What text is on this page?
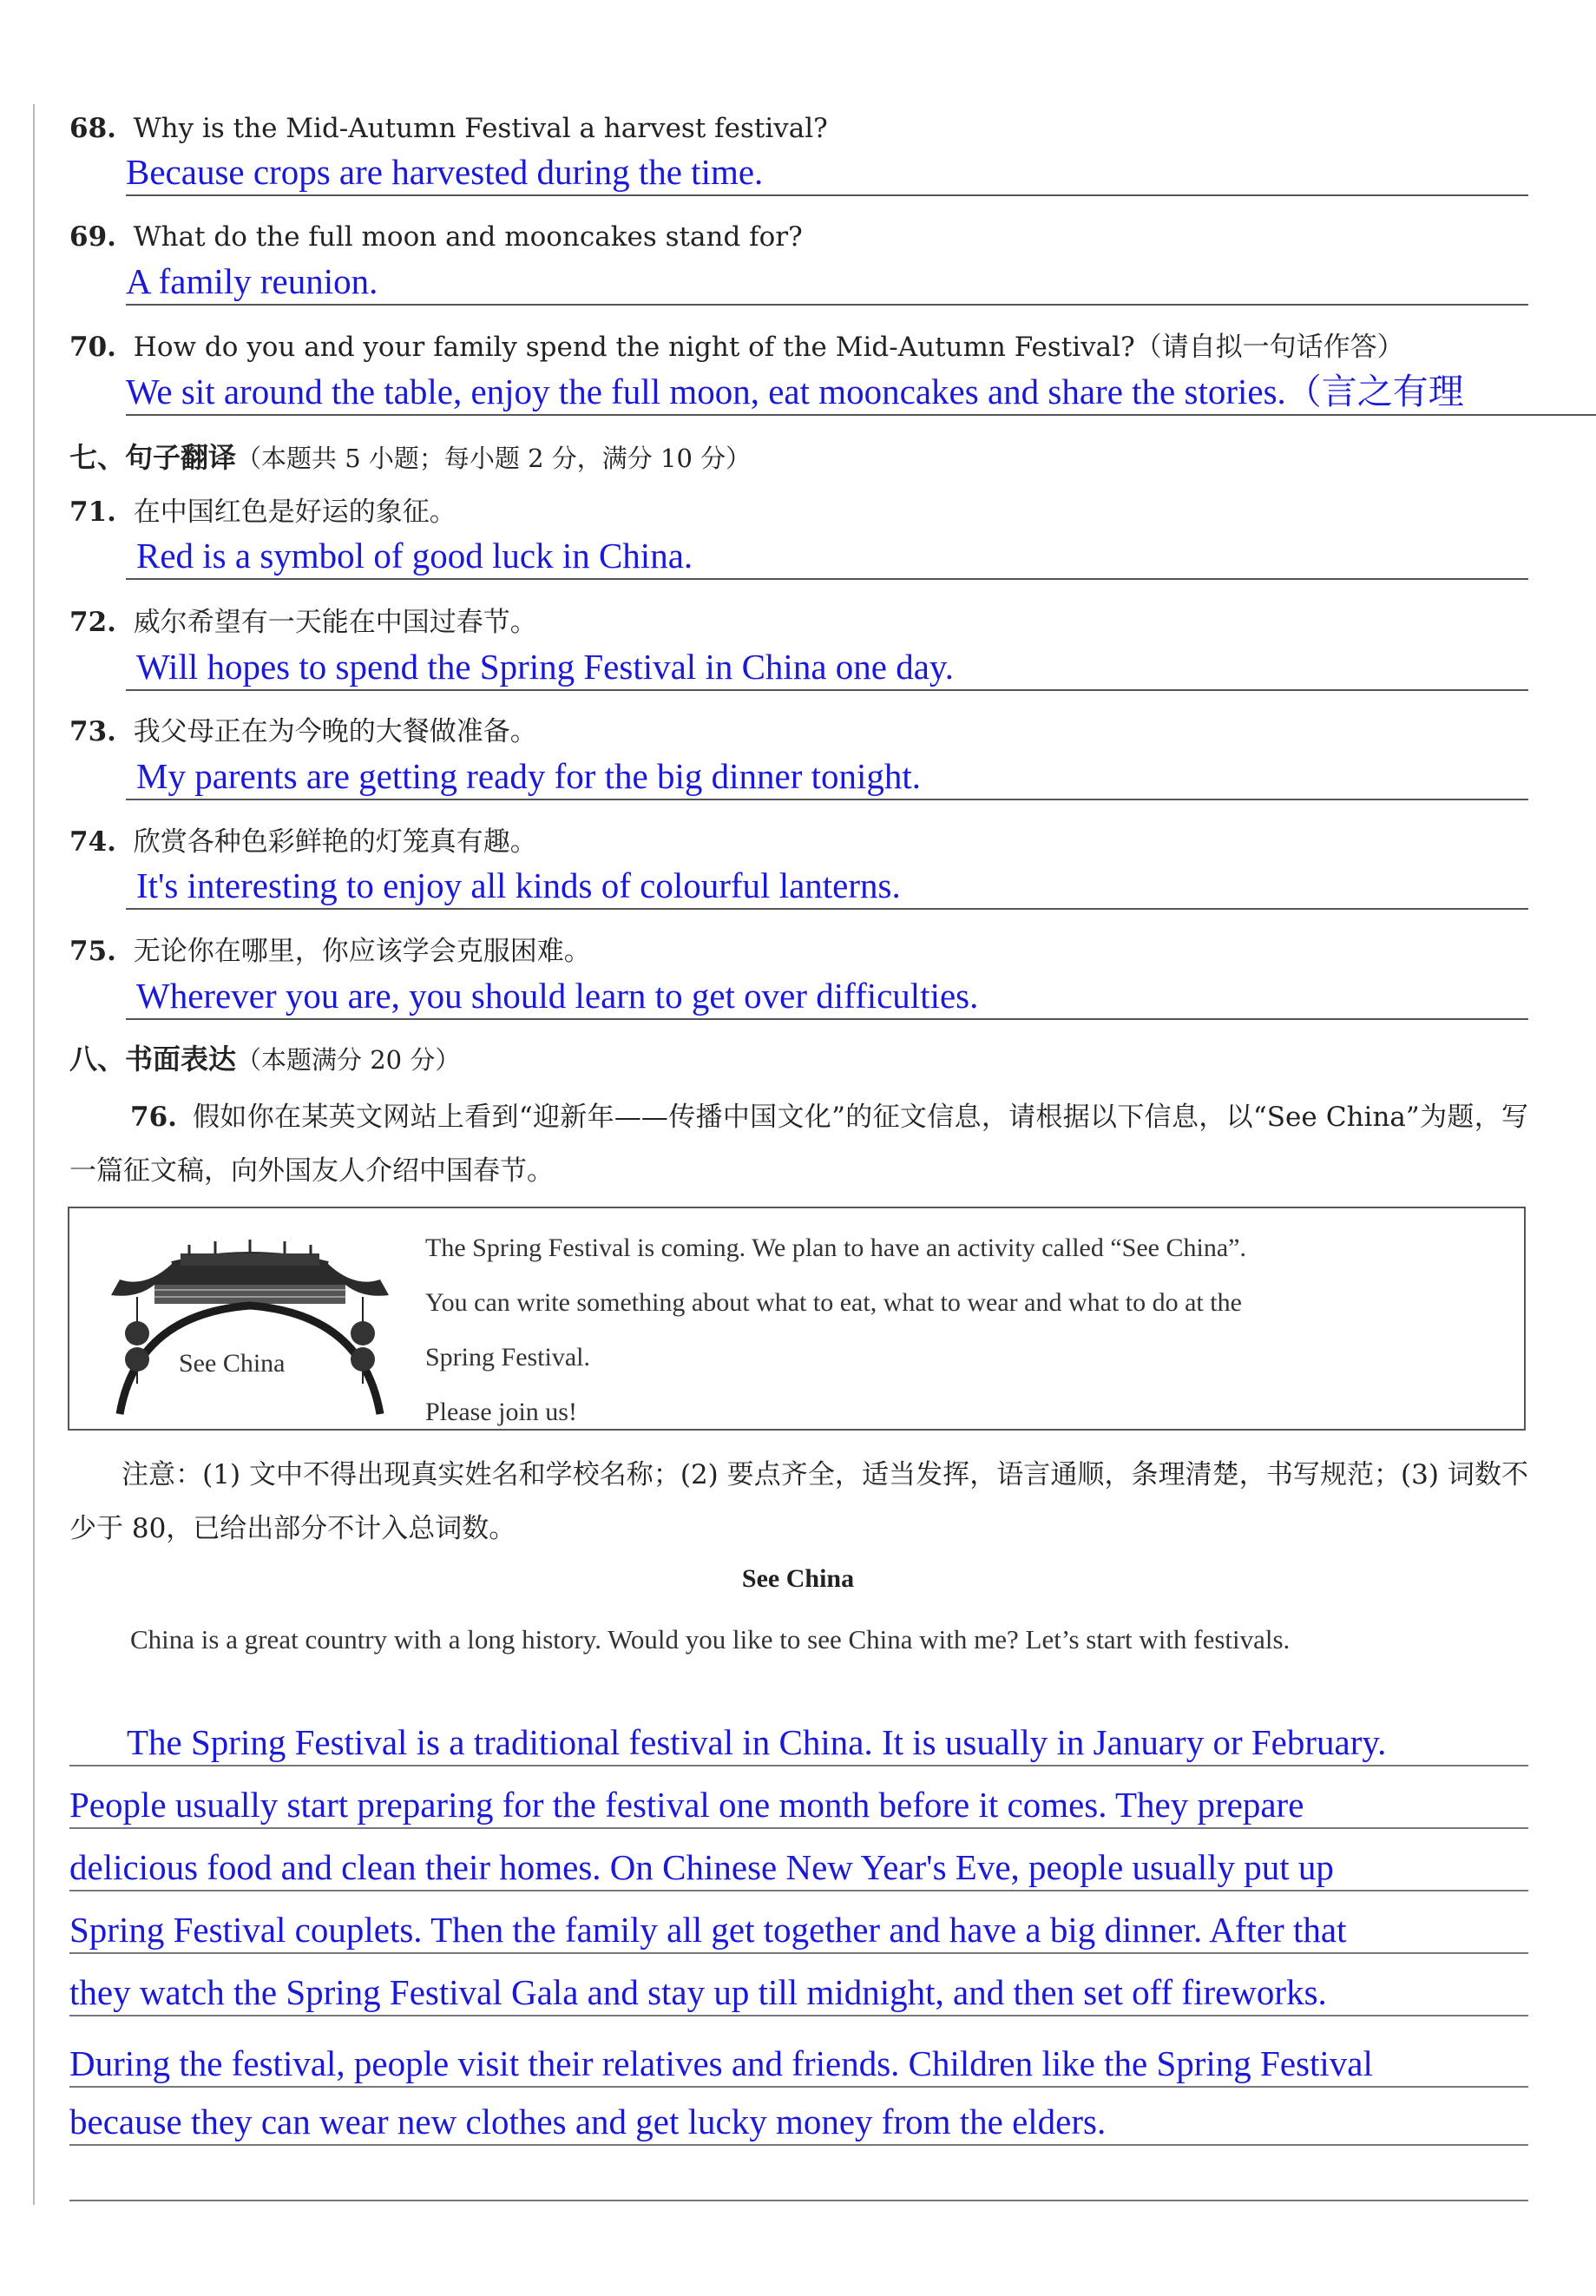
68. Why is the Mid-Autumn Festival a harvest festival?
Because crops are harvested during the time.
69. What do the full moon and mooncakes stand for?
A family reunion.
70. How do you and your family spend the night of the Mid-Autumn Festival?（请自拟一句话作答）
We sit around the table, enjoy the full moon, eat mooncakes and share the stories.（言之有理
七、句子翻译（本题共 5 小题；每小题 2 分，满分 10 分）
71. 在中国红色是好运的象征。
Red is a symbol of good luck in China.
72. 威尔希望有一天能在中国过春节。
Will hopes to spend the Spring Festival in China one day.
73. 我父母正在为今晚的大餐做准备。
My parents are getting ready for the big dinner tonight.
74. 欣赏各种色彩鲜艳的灯笼真有趣。
It's interesting to enjoy all kinds of colourful lanterns.
75. 无论你在哪里，你应该学会克服困难。
Wherever you are, you should learn to get over difficulties.
八、书面表达（本题满分 20 分）
76. 假如你在某英文网站上看到“迎新年——传播中国文化”的征文信息，请根据以下信息，以“See China”为题，写一篇征文稿，向外国友人介绍中国春节。
See China
The Spring Festival is coming. We plan to have an activity called “See China”.
You can write something about what to eat, what to wear and what to do at the
Spring Festival.
Please join us!
注意：(1) 文中不得出现真实姓名和学校名称；(2) 要点齐全，适当发挥，语言通顺，条理清楚，书写规范；(3) 词数不少于 80，已给出部分不计入总词数。
See China
China is a great country with a long history. Would you like to see China with me? Let’s start with festivals.
The Spring Festival is a traditional festival in China. It is usually in January or February.
People usually start preparing for the festival one month before it comes. They prepare
delicious food and clean their homes. On Chinese New Year's Eve, people usually put up
Spring Festival couplets. Then the family all get together and have a big dinner. After that
they watch the Spring Festival Gala and stay up till midnight, and then set off fireworks.
During the festival, people visit their relatives and friends. Children like the Spring Festival
because they can wear new clothes and get lucky money from the elders.
